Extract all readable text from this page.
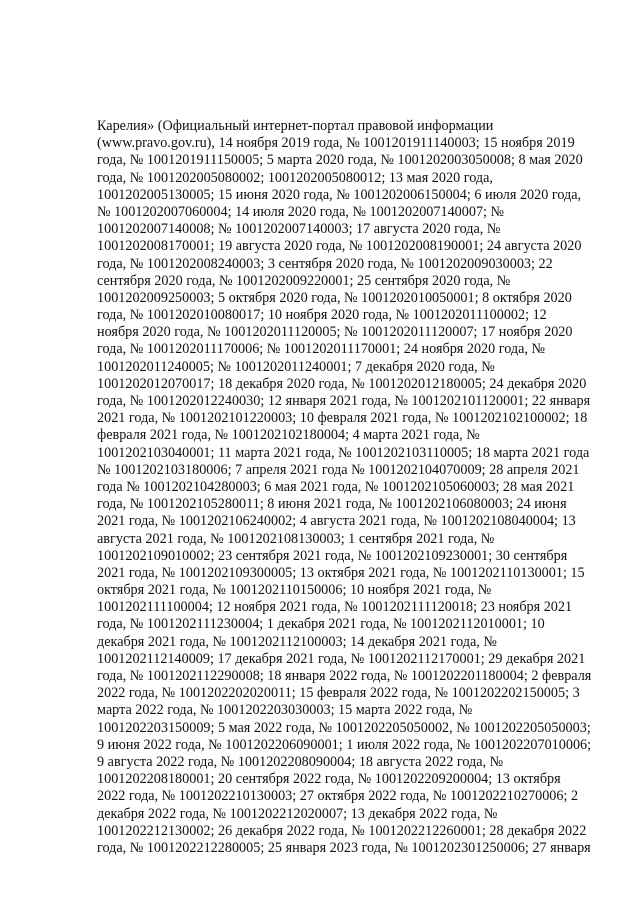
Карелия» (Официальный интернет-портал правовой информации
(www.pravo.gov.ru), 14 ноября 2019 года, № 1001201911140003; 15 ноября 2019
года, № 1001201911150005; 5 марта 2020 года, № 1001202003050008; 8 мая 2020
года, № 1001202005080002; 1001202005080012; 13 мая 2020 года,
1001202005130005; 15 июня 2020 года, № 1001202006150004; 6 июля 2020 года,
№ 1001202007060004; 14 июля 2020 года, № 1001202007140007; №
1001202007140008; № 1001202007140003; 17 августа 2020 года, №
1001202008170001; 19 августа 2020 года, № 1001202008190001; 24 августа 2020
года, № 1001202008240003; 3 сентября 2020 года, № 1001202009030003; 22
сентября 2020 года, № 1001202009220001; 25 сентября 2020 года, №
1001202009250003; 5 октября 2020 года, № 1001202010050001; 8 октября 2020
года, № 1001202010080017; 10 ноября 2020 года, № 1001202011100002; 12
ноября 2020 года, № 1001202011120005; № 1001202011120007; 17 ноября 2020
года, № 1001202011170006; № 1001202011170001; 24 ноября 2020 года, №
1001202011240005; № 1001202011240001; 7 декабря 2020 года, №
1001202012070017; 18 декабря 2020 года, № 1001202012180005; 24 декабря 2020
года, № 1001202012240030; 12 января 2021 года, № 1001202101120001; 22 января
2021 года, № 1001202101220003; 10 февраля 2021 года, № 1001202102100002; 18
февраля 2021 года, № 1001202102180004; 4 марта 2021 года, №
1001202103040001; 11 марта 2021 года, № 1001202103110005; 18 марта 2021 года
№ 1001202103180006; 7 апреля 2021 года № 1001202104070009; 28 апреля 2021
года № 1001202104280003; 6 мая 2021 года, № 1001202105060003; 28 мая 2021
года, № 1001202105280011; 8 июня 2021 года, № 1001202106080003; 24 июня
2021 года, № 1001202106240002; 4 августа 2021 года, № 1001202108040004; 13
августа 2021 года, № 1001202108130003; 1 сентября 2021 года, №
1001202109010002; 23 сентября 2021 года, № 1001202109230001; 30 сентября
2021 года, № 1001202109300005; 13 октября 2021 года, № 1001202110130001; 15
октября 2021 года, № 1001202110150006; 10 ноября 2021 года, №
1001202111100004; 12 ноября 2021 года, № 1001202111120018; 23 ноября 2021
года, № 1001202111230004; 1 декабря 2021 года, № 1001202112010001; 10
декабря 2021 года, № 1001202112100003; 14 декабря 2021 года, №
1001202112140009; 17 декабря 2021 года, № 1001202112170001; 29 декабря 2021
года, № 1001202112290008; 18 января 2022 года, № 1001202201180004; 2 февраля
2022 года, № 1001202202020011; 15 февраля 2022 года, № 1001202202150005; 3
марта 2022 года, № 1001202203030003; 15 марта 2022 года, №
1001202203150009; 5 мая 2022 года, № 1001202205050002, № 1001202205050003;
9 июня 2022 года, № 1001202206090001; 1 июля 2022 года, № 1001202207010006;
9 августа 2022 года, № 1001202208090004; 18 августа 2022 года, №
1001202208180001; 20 сентября 2022 года, № 1001202209200004; 13 октября
2022 года, № 1001202210130003; 27 октября 2022 года, № 1001202210270006; 2
декабря 2022 года, № 1001202212020007; 13 декабря 2022 года, №
1001202212130002; 26 декабря 2022 года, № 1001202212260001; 28 декабря 2022
года, № 1001202212280005; 25 января 2023 года, № 1001202301250006; 27 января
